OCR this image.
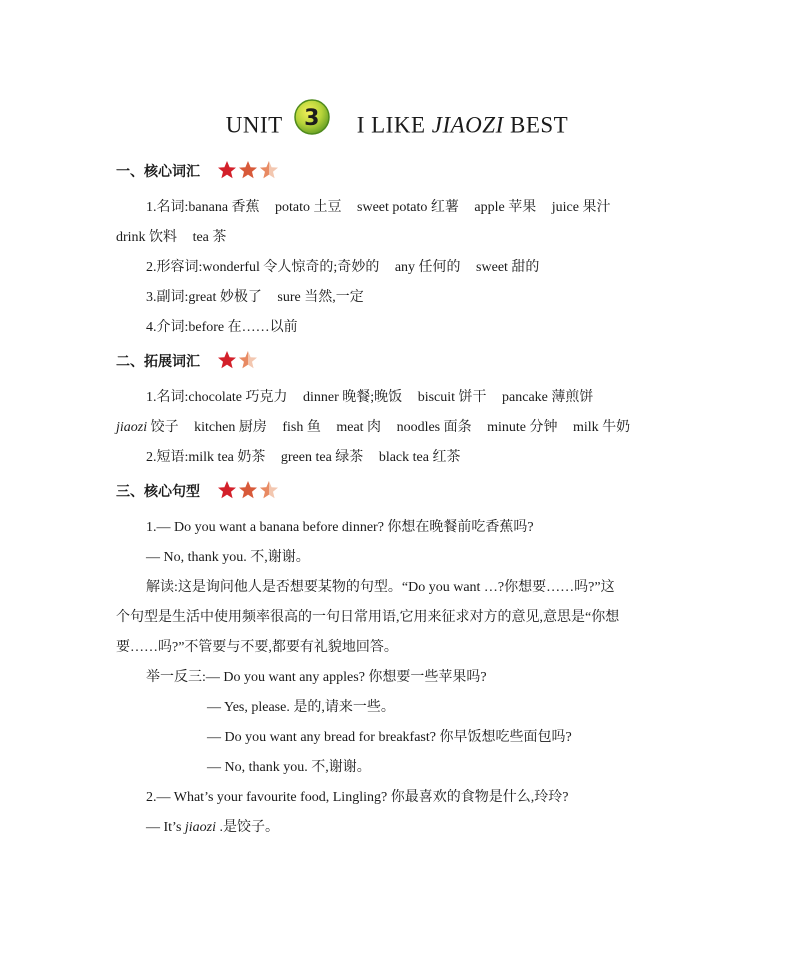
UNIT 3 I LIKE JIAOZI BEST
一、核心词汇
1.名词:banana 香蕉 potato 土豆 sweet potato 红薯 apple 苹果 juice 果汁
drink 饮料 tea 茶
2.形容词:wonderful 令人惊奇的;奇妙的 any 任何的 sweet 甜的
3.副词:great 妙极了 sure 当然,一定
4.介词:before 在……以前
二、拓展词汇
1.名词:chocolate 巧克力 dinner 晚餐;晚饭 biscuit 饼干 pancake 薄煎饼
jiaozi 饺子 kitchen 厨房 fish 鱼 meat 肉 noodles 面条 minute 分钟 milk 牛奶
2.短语:milk tea 奶茶 green tea 绿茶 black tea 红茶
三、核心句型
1.— Do you want a banana before dinner? 你想在晚餐前吃香蕉吗?
— No, thank you. 不,谢谢。
解读:这是询问他人是否想要某物的句型。“Do you want …?你想要……吗?”这
个句型是生活中使用频率很高的一句日常用语,它用来征求对方的意见,意思是“你想
要……吗?”不管要与不要,都要有礼貌地回答。
举一反三:— Do you want any apples? 你想要一些苹果吗?
— Yes, please. 是的,请来一些。
— Do you want any bread for breakfast? 你早饭想吃些面包吗?
— No, thank you. 不,谢谢。
2.— What’s your favourite food, Lingling? 你最喜欢的食物是什么,玲玲?
— It’s jiaozi .是饺子。
